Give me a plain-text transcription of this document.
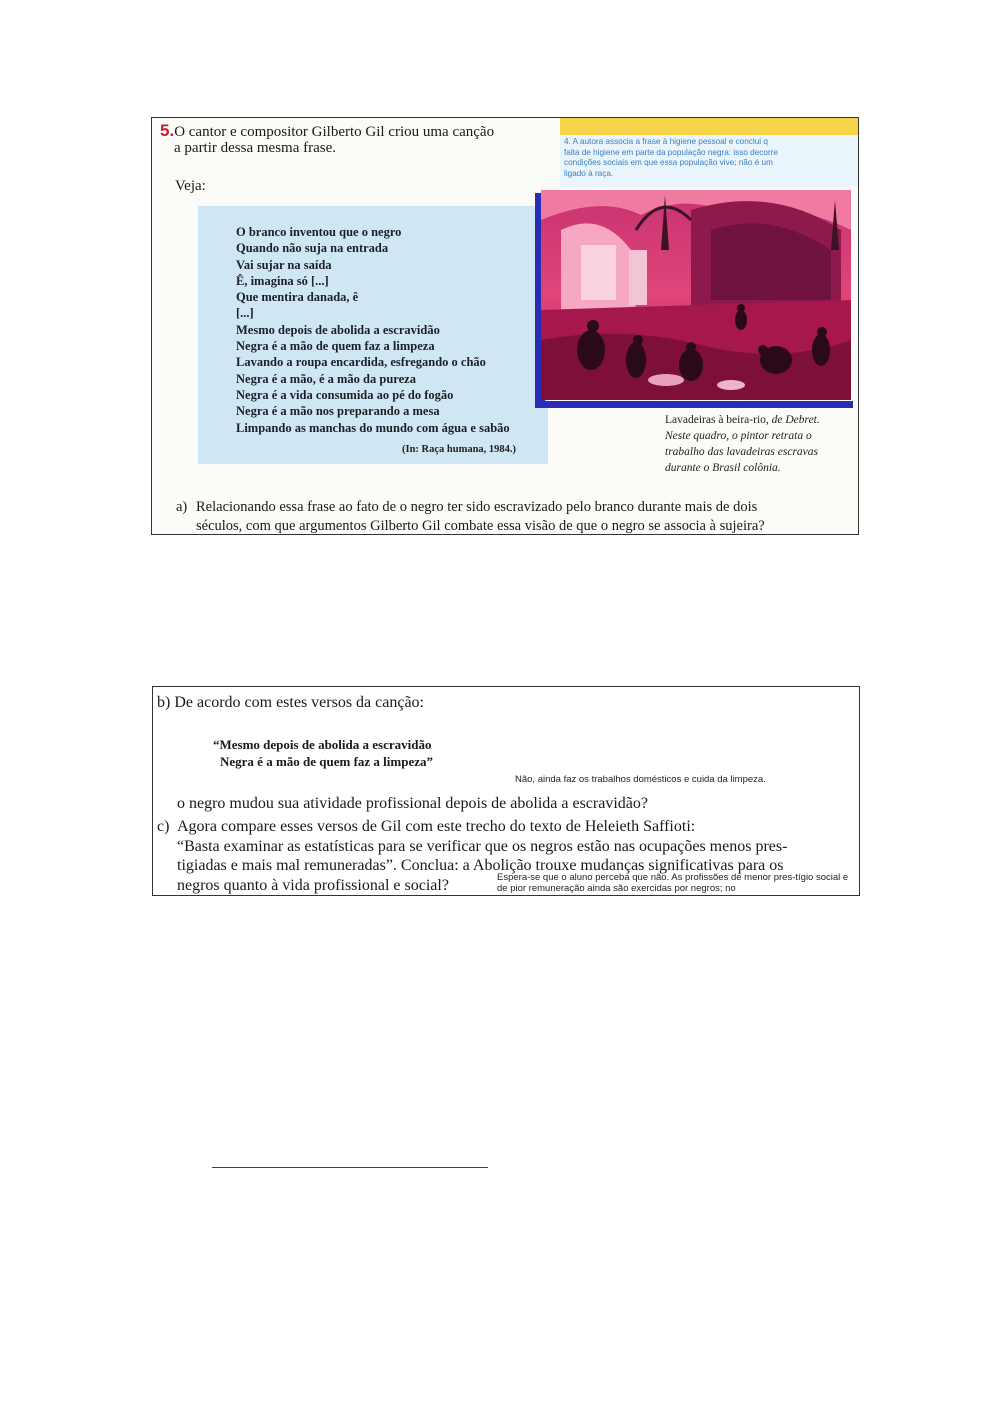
5.O cantor e compositor Gilberto Gil criou uma canção
a partir dessa mesma frase.
Veja:
4. A autora associa a frase à higiene pessoal e conclui q
falta de higiene em parte da população negra: isso decorre
condições sociais em que essa população vive; não é um
ligado à raça.
O branco inventou que o negro
Quando não suja na entrada
Vai sujar na saída
Ê, imagina só [...]
Que mentira danada, ê
[...]
Mesmo depois de abolida a escravidão
Negra é a mão de quem faz a limpeza
Lavando a roupa encardida, esfregando o chão
Negra é a mão, é a mão da pureza
Negra é a vida consumida ao pé do fogão
Negra é a mão nos preparando a mesa
Limpando as manchas do mundo com água e sabão
(In: Raça humana, 1984.)
Lavadeiras à beira-rio, de Debret.
Neste quadro, o pintor retrata o
trabalho das lavadeiras escravas
durante o Brasil colônia.
a) Relacionando essa frase ao fato de o negro ter sido escravizado pelo branco durante mais de dois
séculos, com que argumentos Gilberto Gil combate essa visão de que o negro se associa à sujeira?
b) De acordo com estes versos da canção:
“Mesmo depois de abolida a escravidão
Negra é a mão de quem faz a limpeza”
Não, ainda faz os trabalhos domésticos e cuida da limpeza.
o negro mudou sua atividade profissional depois de abolida a escravidão?
c) Agora compare esses versos de Gil com este trecho do texto de Heleieth Saffioti:
“Basta examinar as estatísticas para se verificar que os negros estão nas ocupações menos pres-
tigiadas e mais mal remuneradas”. Conclua: a Abolição trouxe mudanças significativas para os
negros quanto à vida profissional e social?	Espera-se que o aluno perceba que não. As profissões de menor pres-tígio social e de pior remuneração ainda são exercidas por negros; no
